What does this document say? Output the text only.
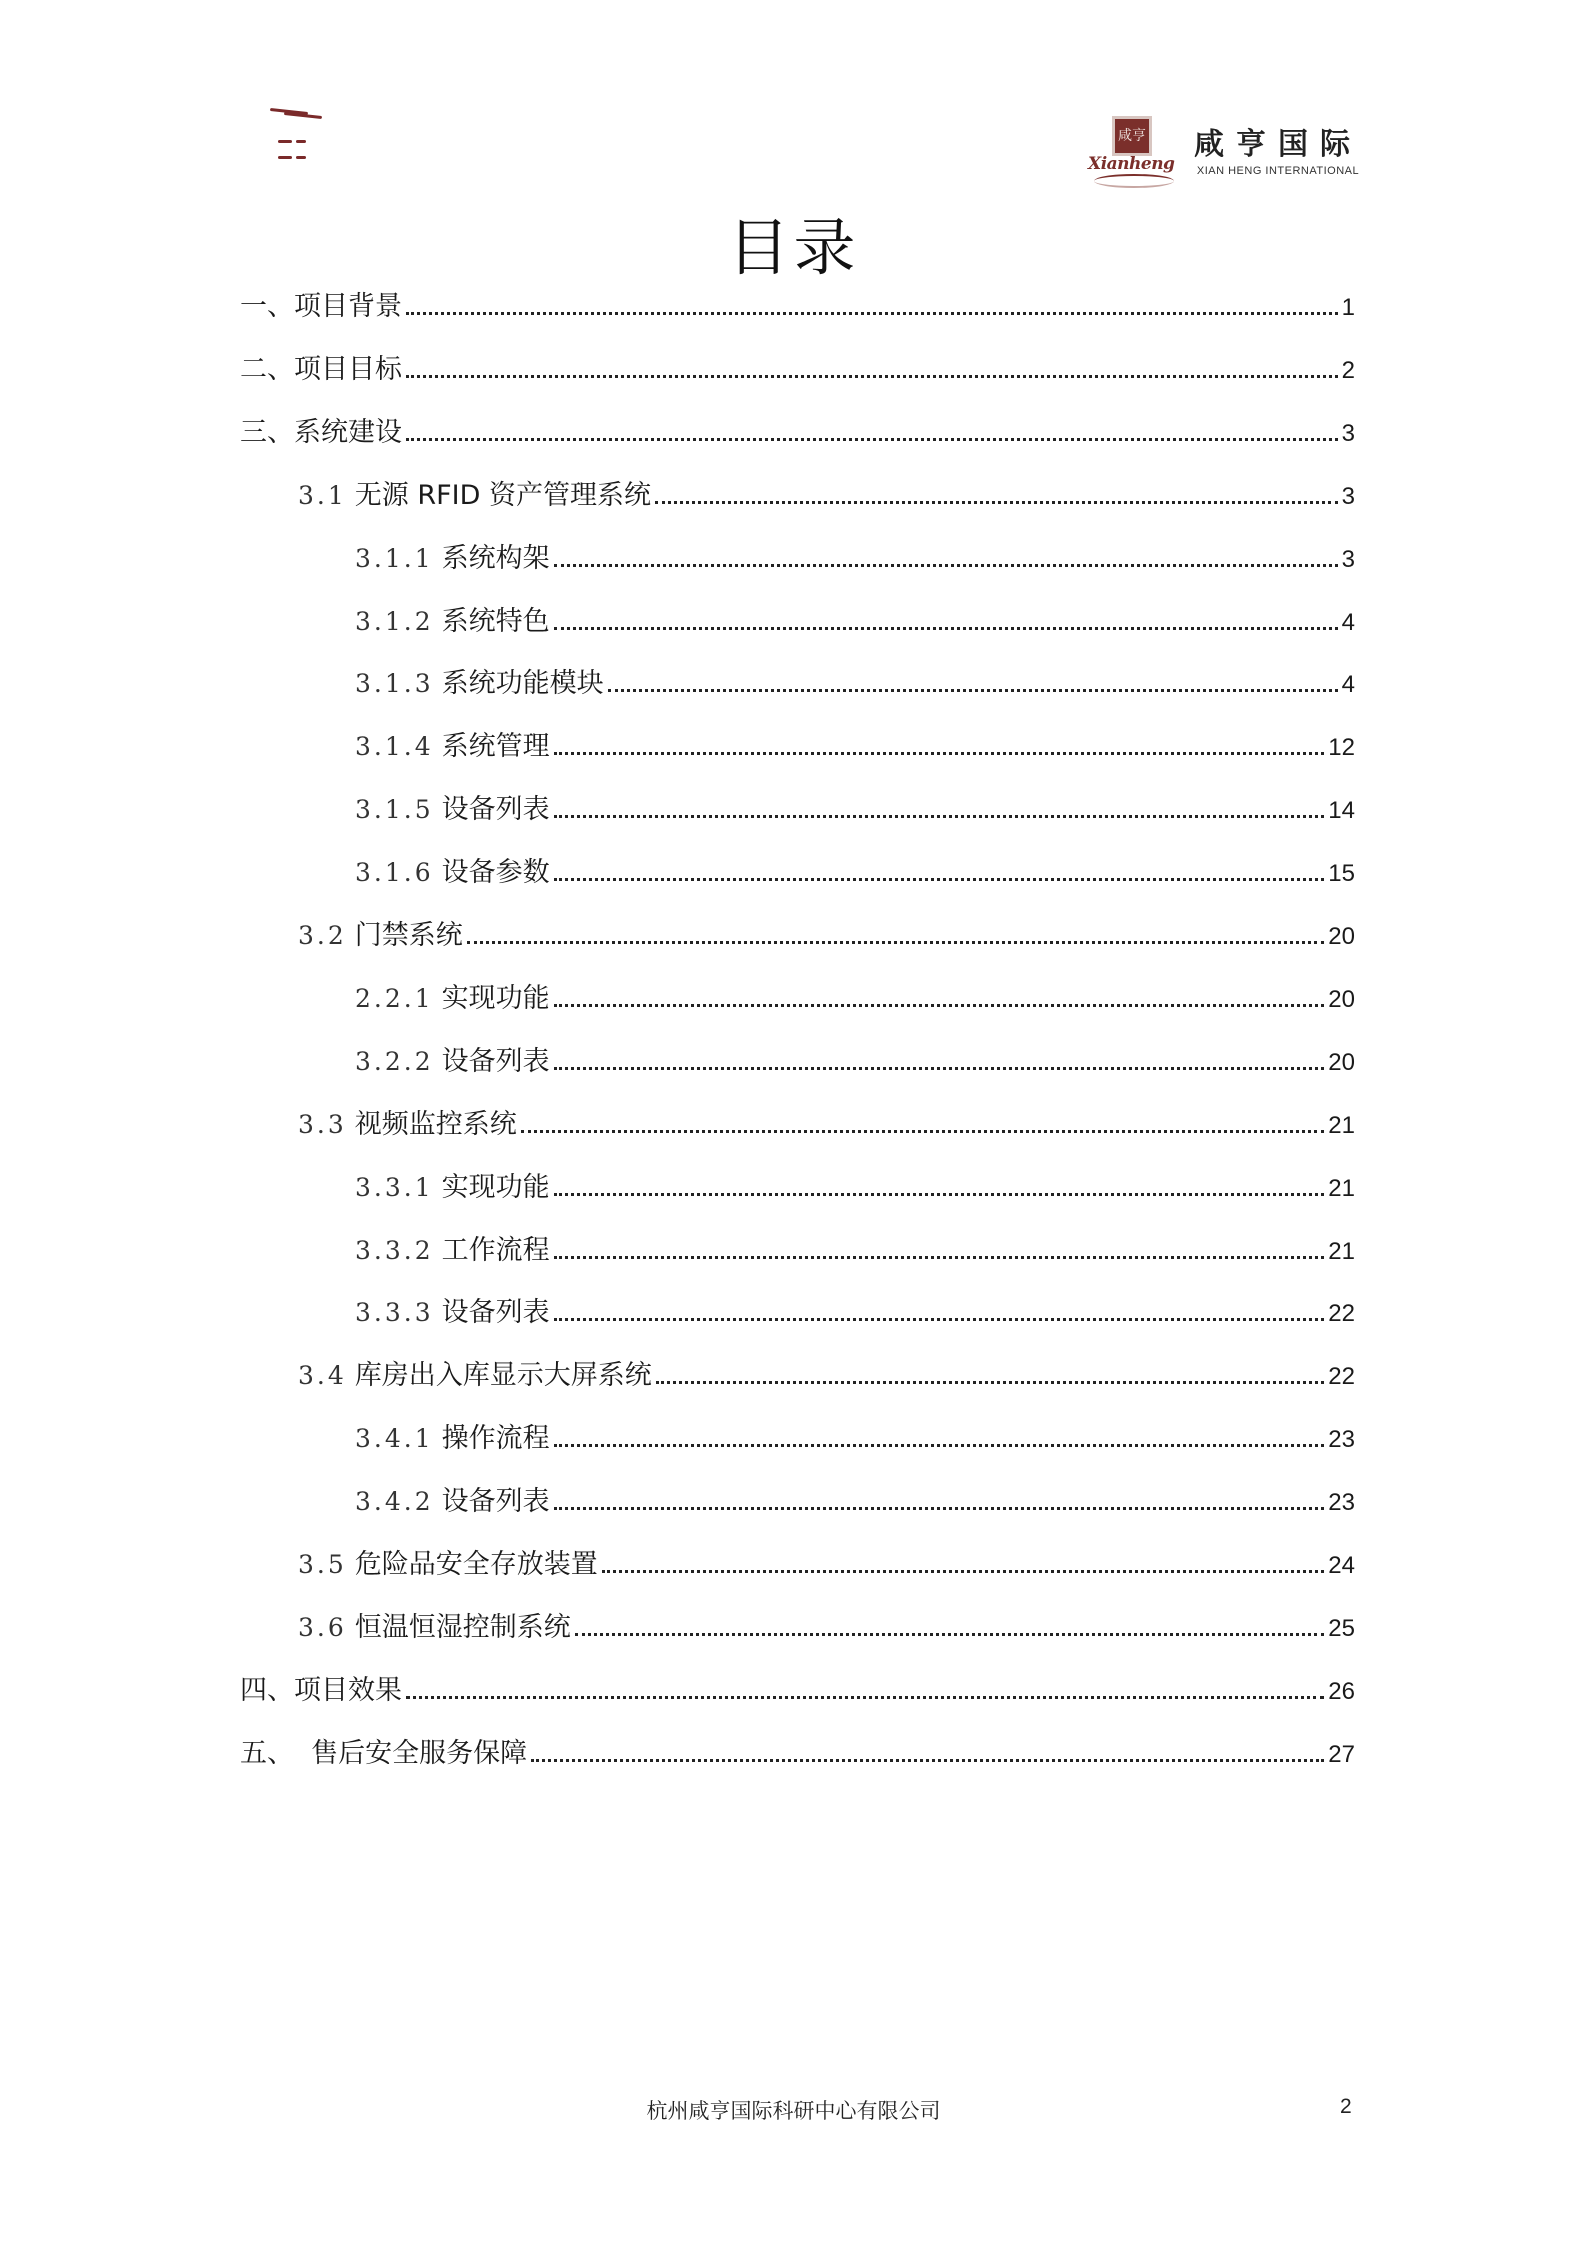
咸亨
Xianheng
咸亨国际
XIAN HENG INTERNATIONAL
目录
一、项目背景	1
二、项目目标	2
三、系统建设	3
3.1 无源 RFID 资产管理系统	3
3.1.1 系统构架	3
3.1.2 系统特色	4
3.1.3 系统功能模块	4
3.1.4 系统管理	12
3.1.5 设备列表	14
3.1.6 设备参数	15
3.2 门禁系统	20
2.2.1 实现功能	20
3.2.2 设备列表	20
3.3 视频监控系统	21
3.3.1 实现功能	21
3.3.2 工作流程	21
3.3.3 设备列表	22
3.4 库房出入库显示大屏系统	22
3.4.1 操作流程	23
3.4.2 设备列表	23
3.5 危险品安全存放装置	24
3.6 恒温恒湿控制系统	25
四、项目效果	26
五、  售后安全服务保障	27
杭州咸亨国际科研中心有限公司	2
